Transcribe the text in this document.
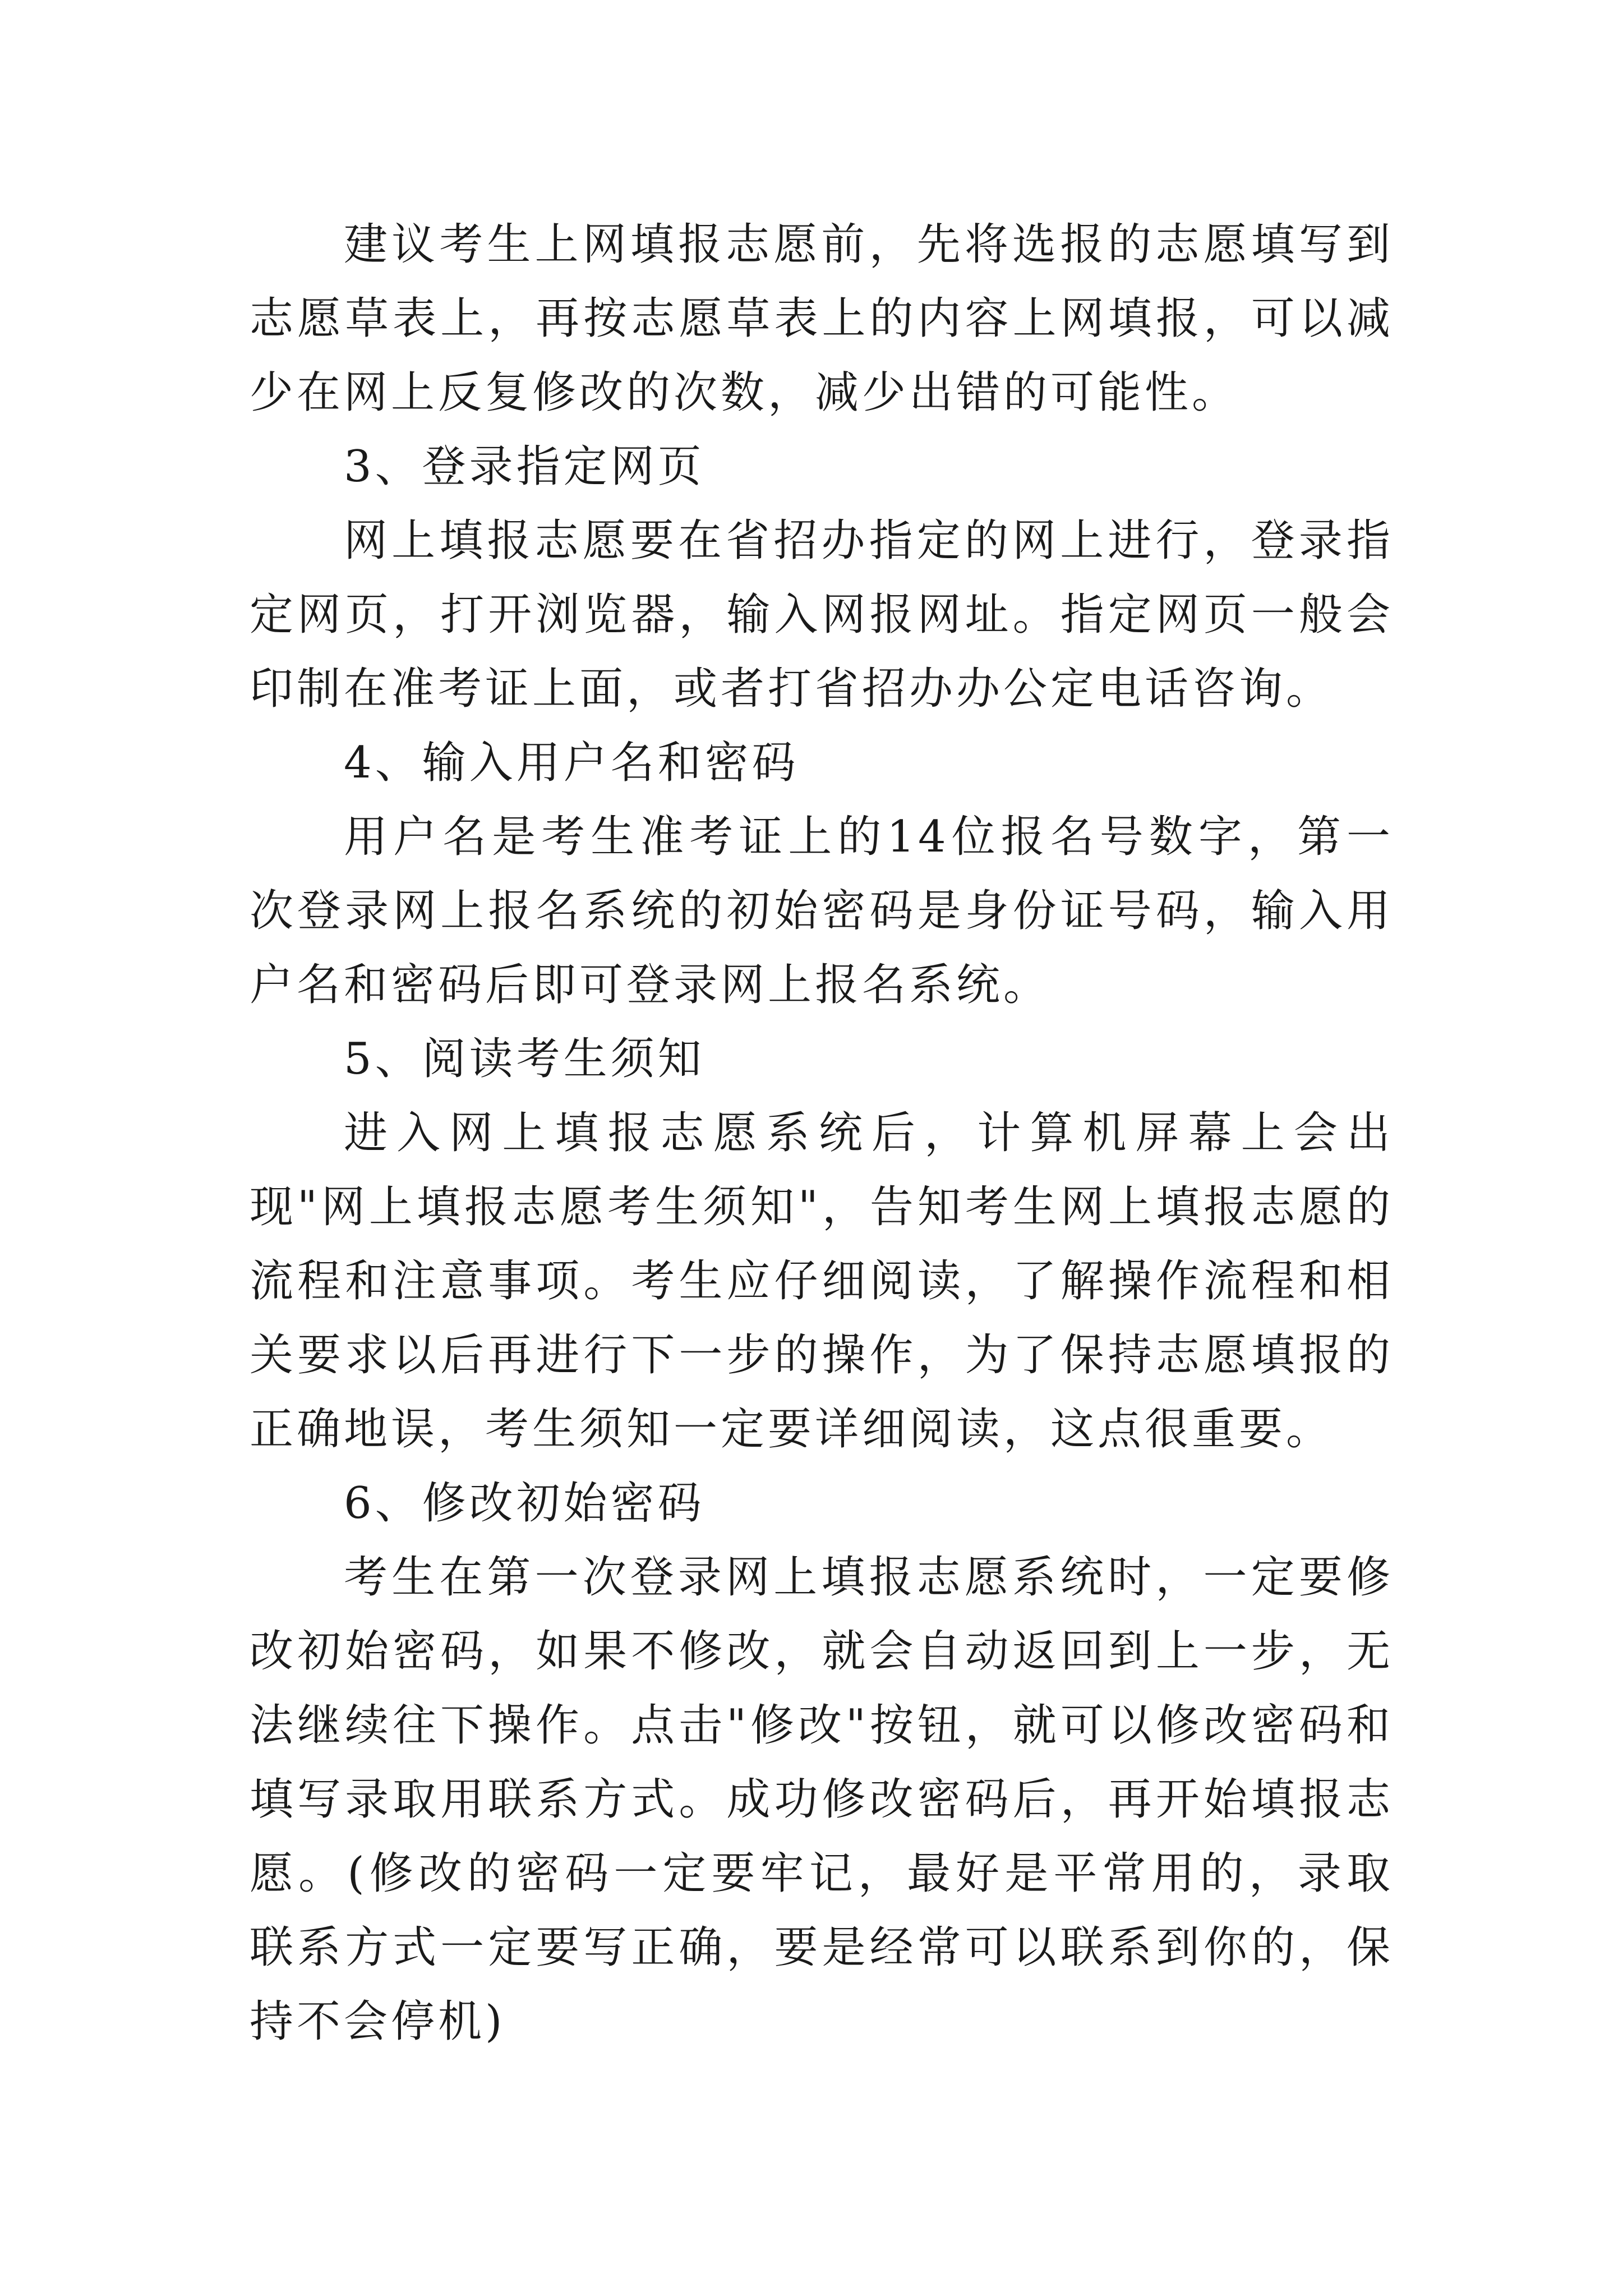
建议考生上网填报志愿前，先将选报的志愿填写到志愿草表上，再按志愿草表上的内容上网填报，可以减少在网上反复修改的次数，减少出错的可能性。

3、登录指定网页

网上填报志愿要在省招办指定的网上进行，登录指定网页，打开浏览器，输入网报网址。指定网页一般会印制在准考证上面，或者打省招办办公定电话咨询。

4、输入用户名和密码

用户名是考生准考证上的14位报名号数字，第一次登录网上报名系统的初始密码是身份证号码，输入用户名和密码后即可登录网上报名系统。

5、阅读考生须知

进入网上填报志愿系统后，计算机屏幕上会出现"网上填报志愿考生须知"，告知考生网上填报志愿的流程和注意事项。考生应仔细阅读，了解操作流程和相关要求以后再进行下一步的操作，为了保持志愿填报的正确地误，考生须知一定要详细阅读，这点很重要。

6、修改初始密码

考生在第一次登录网上填报志愿系统时，一定要修改初始密码，如果不修改，就会自动返回到上一步，无法继续往下操作。点击"修改"按钮，就可以修改密码和填写录取用联系方式。成功修改密码后，再开始填报志愿。(修改的密码一定要牢记，最好是平常用的，录取联系方式一定要写正确，要是经常可以联系到你的，保持不会停机)
